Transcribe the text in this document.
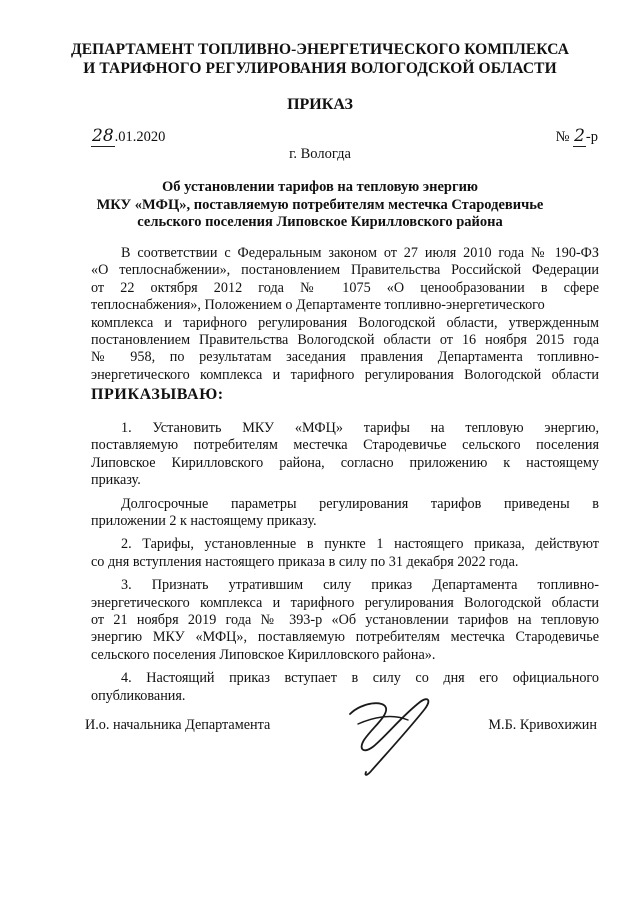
ДЕПАРТАМЕНТ ТОПЛИВНО-ЭНЕРГЕТИЧЕСКОГО КОМПЛЕКСА
И ТАРИФНОГО РЕГУЛИРОВАНИЯ ВОЛОГОДСКОЙ ОБЛАСТИ
ПРИКАЗ
28.01.2020	№ 2-р
г. Вологда
Об установлении тарифов на тепловую энергию
МКУ «МФЦ», поставляемую потребителям местечка Стародевичье
сельского поселения Липовское Кирилловского района
В соответствии с Федеральным законом от 27 июля 2010 года № 190-ФЗ
«О теплоснабжении», постановлением Правительства Российской Федерации
от 22 октября 2012 года № 1075 «О ценообразовании в сфере
теплоснабжения», Положением о Департаменте топливно-энергетического
комплекса и тарифного регулирования Вологодской области, утвержденным
постановлением Правительства Вологодской области от 16 ноября 2015 года
№ 958, по результатам заседания правления Департамента топливно-
энергетического комплекса и тарифного регулирования Вологодской области
ПРИКАЗЫВАЮ:
1. Установить МКУ «МФЦ» тарифы на тепловую энергию,
поставляемую потребителям местечка Стародевичье сельского поселения
Липовское Кирилловского района, согласно приложению к настоящему
приказу.
Долгосрочные параметры регулирования тарифов приведены в
приложении 2 к настоящему приказу.
2. Тарифы, установленные в пункте 1 настоящего приказа, действуют
со дня вступления настоящего приказа в силу по 31 декабря 2022 года.
3. Признать утратившим силу приказ Департамента топливно-
энергетического комплекса и тарифного регулирования Вологодской области
от 21 ноября 2019 года № 393-р «Об установлении тарифов на тепловую
энергию МКУ «МФЦ», поставляемую потребителям местечка Стародевичье
сельского поселения Липовское Кирилловского района».
4. Настоящий приказ вступает в силу со дня его официального
опубликования.
И.о. начальника Департамента	М.Б. Кривохижин
